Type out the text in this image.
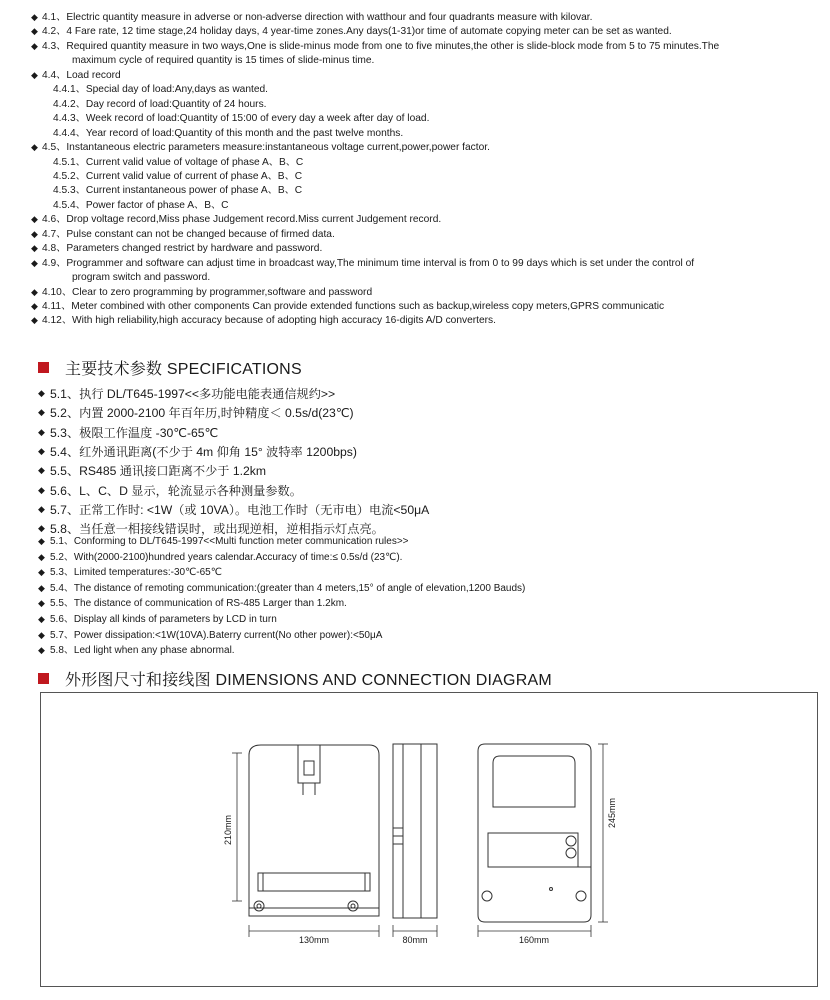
◆ 4.1、Electric quantity measure in adverse or non-adverse direction with watthour and four quadrants measure with kilovar.
◆ 4.2、4 Fare rate, 12 time stage,24 holiday days, 4 year-time zones.Any days(1-31)or time of automate copying meter can be set as wanted.
◆ 4.3、Required quantity measure in two ways,One is slide-minus mode from one to five minutes,the other is slide-block mode from 5 to 75 minutes.The
maximum cycle of required quantity is 15 times of slide-minus time.
◆ 4.4、Load record
4.4.1、Special day of load:Any,days as wanted.
4.4.2、Day record of load:Quantity of 24 hours.
4.4.3、Week record of load:Quantity of 15:00 of every day a week after day of load.
4.4.4、Year record of load:Quantity of this month and the past twelve months.
◆ 4.5、Instantaneous electric parameters measure:instantaneous voltage current,power,power factor.
4.5.1、Current valid value of voltage of phase A、B、C
4.5.2、Current valid value of current of phase A、B、C
4.5.3、Current instantaneous power of phase A、B、C
4.5.4、Power factor of phase A、B、C
◆ 4.6、Drop voltage record,Miss phase Judgement record.Miss current Judgement record.
◆ 4.7、Pulse constant can not be changed because of firmed data.
◆ 4.8、Parameters changed restrict by hardware and password.
◆ 4.9、Programmer and software can adjust time in broadcast way,The minimum time interval is from 0 to 99 days which is set under the control of
program switch and password.
◆ 4.10、Clear to zero programming by programmer,software and password
◆ 4.11、Meter combined with other components Can provide extended functions such as backup,wireless copy meters,GPRS communicatic
◆ 4.12、With high reliability,high accuracy because of adopting high accuracy 16-digits A/D converters.
主要技术参数 SPECIFICATIONS
◆ 5.1、执行 DL/T645-1997<<多功能电能表通信规约>>
◆ 5.2、内置 2000-2100 年百年历,时钟精度＜ 0.5s/d(23℃)
◆ 5.3、极限工作温度 -30℃-65℃
◆ 5.4、红外通讯距离(不少于 4m 仰角 15° 波特率 1200bps)
◆ 5.5、RS485 通讯接口距离不少于 1.2km
◆ 5.6、L、C、D 显示，轮流显示各种测量参数。
◆ 5.7、正常工作时: <1W（或 10VA）。电池工作时（无市电）电流<50μA
◆ 5.8、当任意一相接线错误时，或出现逆相，逆相指示灯点亮。
◆ 5.1、Conforming to DL/T645-1997<<Multi function meter communication rules>>
◆ 5.2、With(2000-2100)hundred years calendar.Accuracy of time:≤ 0.5s/d (23℃).
◆ 5.3、Limited temperatures:-30℃-65℃
◆ 5.4、The distance of remoting communication:(greater than 4 meters,15° of angle of elevation,1200 Bauds)
◆ 5.5、The distance of communication of RS-485 Larger than 1.2km.
◆ 5.6、Display all kinds of parameters by LCD in turn
◆ 5.7、Power dissipation:<1W(10VA).Baterry current(No other power):<50μA
◆ 5.8、Led light when any phase abnormal.
外形图尺寸和接线图 DIMENSIONS AND CONNECTION DIAGRAM
210mm
130mm	80mm	160mm
245mm
